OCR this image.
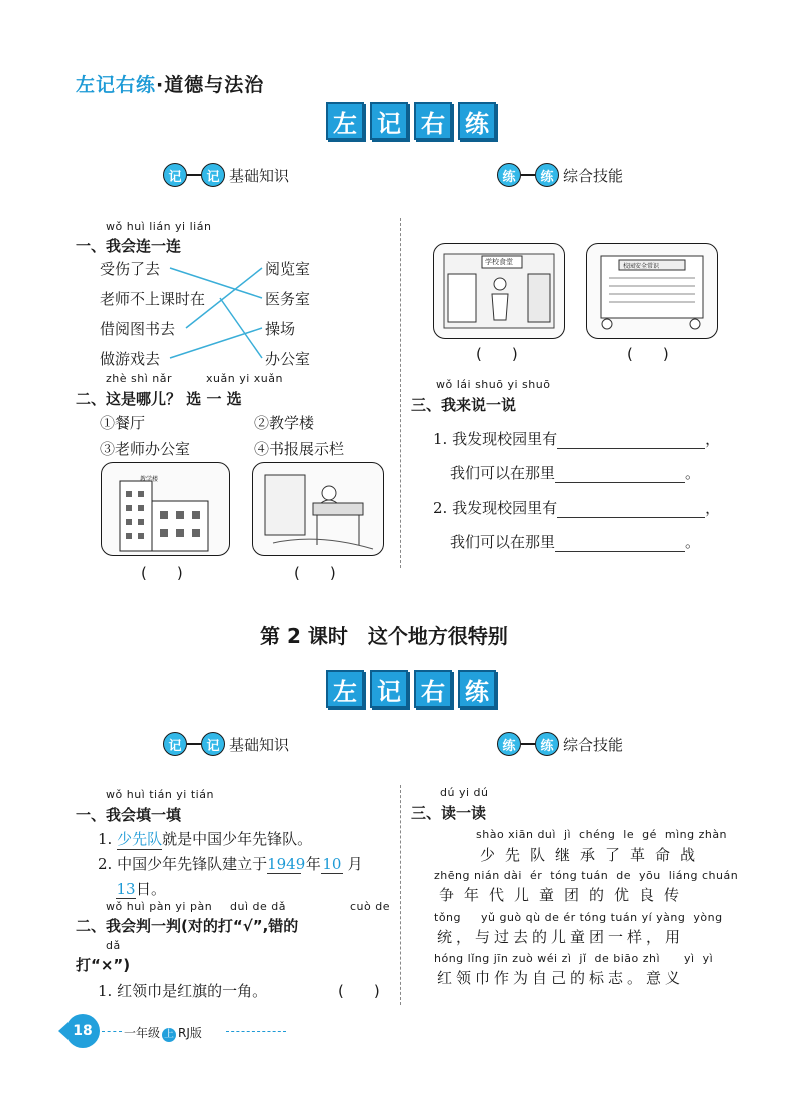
左记右练·道德与法治
左 记 右 练
记	记 基础知识	练	练 综合技能
wǒ huì lián yi lián
一、我会连一连
受伤了去
老师不上课时在
借阅图书去
做游戏去
阅览室
医务室
操场
办公室
zhè shì nǎr	xuǎn yi xuǎn
二、这是哪儿？ 选 一 选
①餐厅	②教学楼
③老师办公室	④书报展示栏
教学楼
(　　)	(　　)
学校食堂
校园安全常识
(　　)	(　　)
wǒ lái shuō yi shuō
三、我来说一说
1. 我发现校园里有	，
我们可以在那里	。
2. 我发现校园里有	，
我们可以在那里	。
第 2 课时　这个地方很特别
左 记 右 练
记	记 基础知识	练	练 综合技能
wǒ huì tián yi tián
一、我会填一填
1. 少先队就是中国少年先锋队。
2. 中国少年先锋队建立于1949 年10 月
13日。
wǒ huì pàn yi pàn duì de dǎ	cuò de
二、我会判一判(对的打“√”,错的
dǎ
打“×”)
1. 红领巾是红旗的一角。	(　　)
dú yi dú
三、读一读
shào xiān duì  jì  chéng  le  gé  mìng zhàn
少先队继承了革命战
zhēng nián dài  ér  tóng tuán  de  yōu  liáng chuán
争年代儿童团的优良传
tǒng     yǔ guò qù de ér tóng tuán yí yàng  yòng
统，与过去的儿童团一样，用
hóng lǐng jīn zuò wéi zì  jǐ  de biāo zhì      yì  yì
红领巾作为自己的标志。意义
18	一年级 上 RJ版
